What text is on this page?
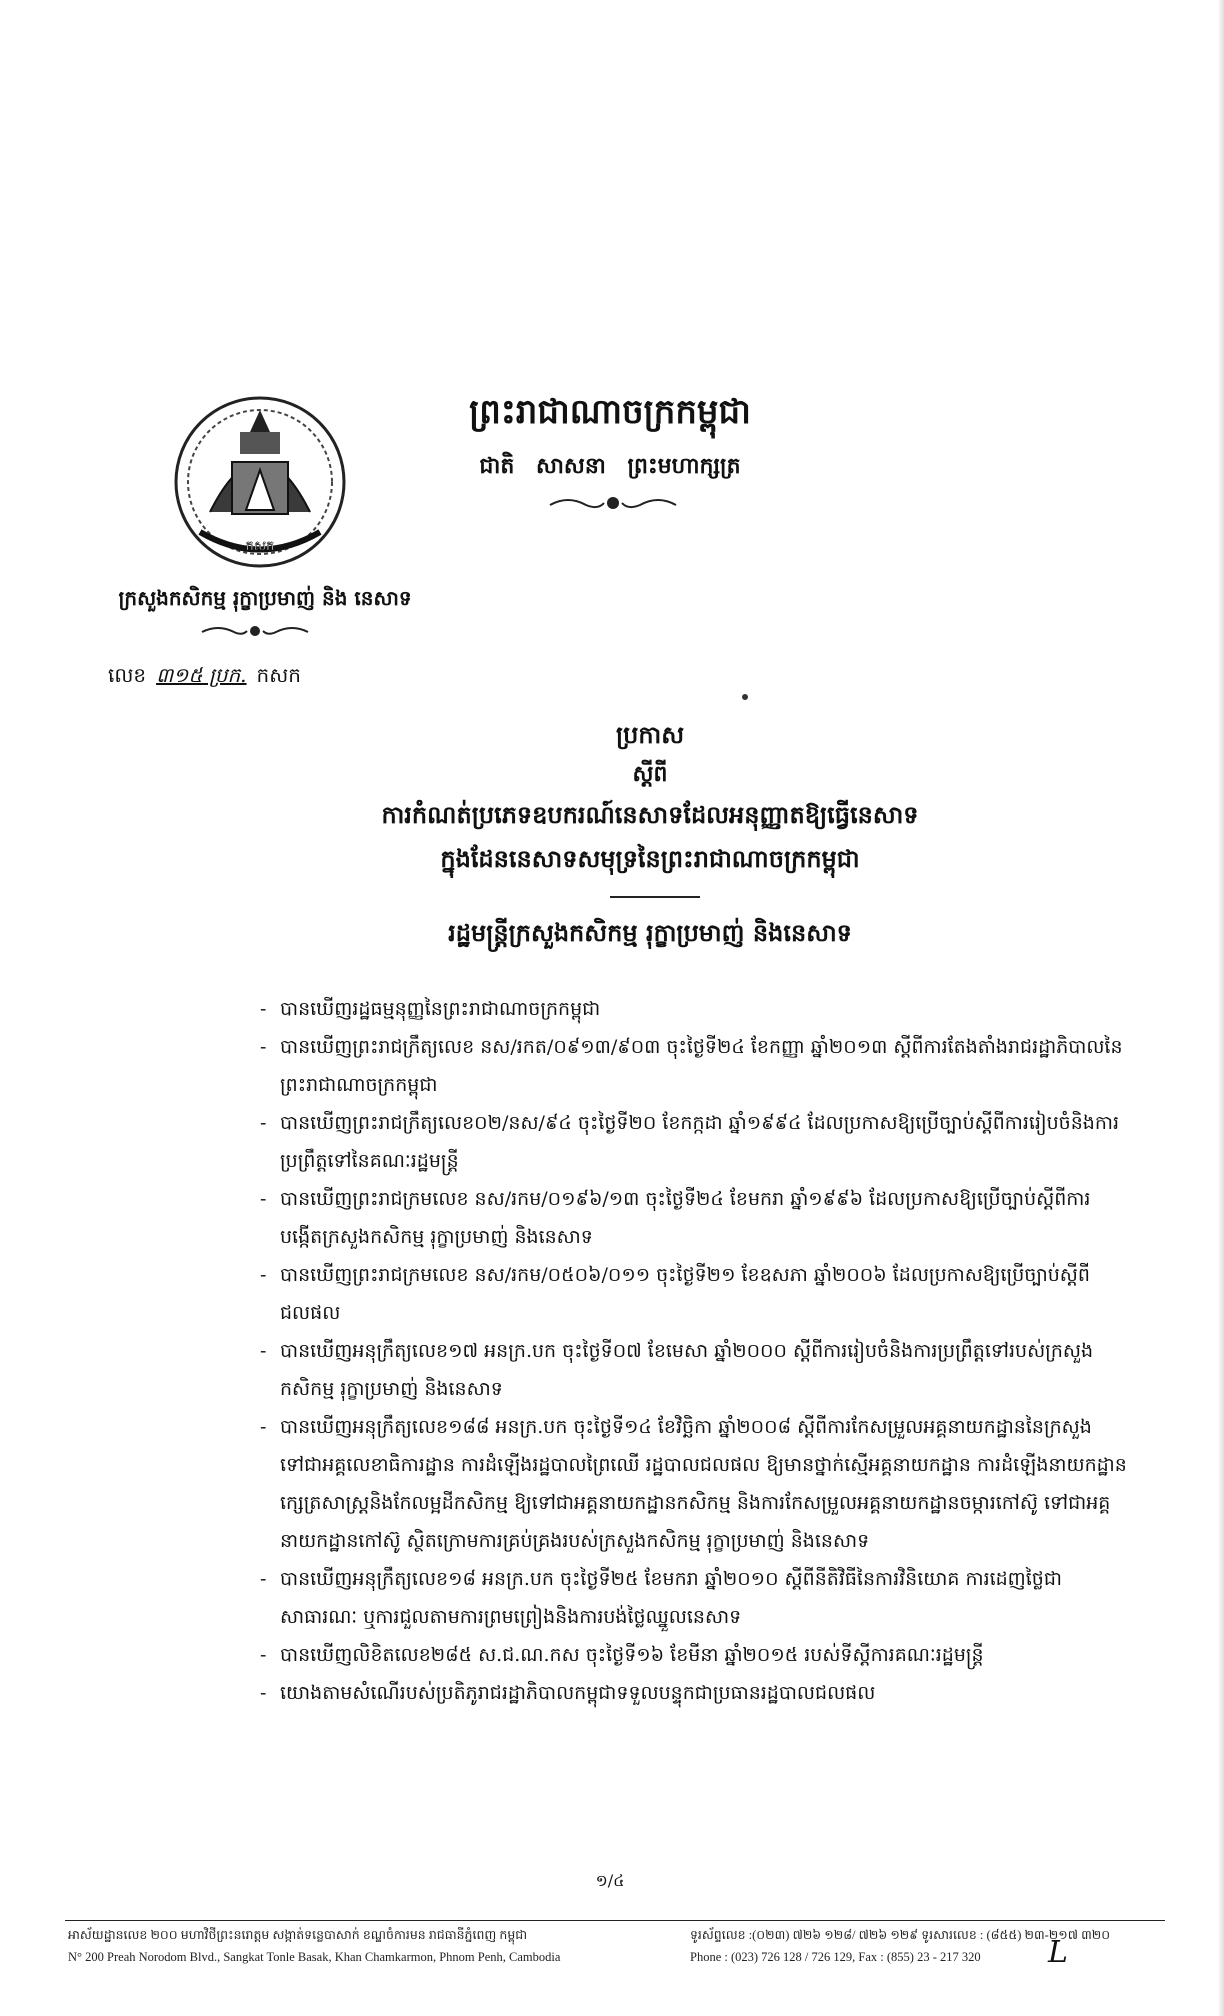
កសក
ព្រះរាជាណាចក្រកម្ពុជា
ជាតិ សាសនា ព្រះមហាក្សត្រ
ក្រសួងកសិកម្ម រុក្ខាប្រមាញ់ និង នេសាទ
លេខ ៣១៥ ប្រក. កសក
ប្រកាស
ស្តីពី
ការកំណត់ប្រភេទឧបករណ៍នេសាទដែលអនុញ្ញាតឱ្យធ្វើនេសាទ
ក្នុងដែននេសាទសមុទ្រនៃព្រះរាជាណាចក្រកម្ពុជា
រដ្ឋមន្ត្រីក្រសួងកសិកម្ម រុក្ខាប្រមាញ់ និងនេសាទ
- បានឃើញរដ្ឋធម្មនុញ្ញនៃព្រះរាជាណាចក្រកម្ពុជា
- បានឃើញព្រះរាជក្រឹត្យលេខ នស/រកត/០៩១៣/៩០៣ ចុះថ្ងៃទី២៤ ខែកញ្ញា ឆ្នាំ២០១៣ ស្តីពីការតែងតាំងរាជរដ្ឋាភិបាលនៃព្រះរាជាណាចក្រកម្ពុជា
- បានឃើញព្រះរាជក្រឹត្យលេខ០២/នស/៩៤ ចុះថ្ងៃទី២០ ខែកក្កដា ឆ្នាំ១៩៩៤ ដែលប្រកាសឱ្យប្រើច្បាប់ស្តីពីការរៀបចំនិងការប្រព្រឹត្តទៅនៃគណៈរដ្ឋមន្ត្រី
- បានឃើញព្រះរាជក្រមលេខ នស/រកម/០១៩៦/១៣ ចុះថ្ងៃទី២៤ ខែមករា ឆ្នាំ១៩៩៦ ដែលប្រកាសឱ្យប្រើច្បាប់ស្តីពីការបង្កើតក្រសួងកសិកម្ម រុក្ខាប្រមាញ់ និងនេសាទ
- បានឃើញព្រះរាជក្រមលេខ នស/រកម/០៥០៦/០១១ ចុះថ្ងៃទី២១ ខែឧសភា ឆ្នាំ២០០៦ ដែលប្រកាសឱ្យប្រើច្បាប់ស្តីពីជលផល
- បានឃើញអនុក្រឹត្យលេខ១៧ អនក្រ.បក ចុះថ្ងៃទី០៧ ខែមេសា ឆ្នាំ២០០០ ស្តីពីការរៀបចំនិងការប្រព្រឹត្តទៅរបស់ក្រសួងកសិកម្ម រុក្ខាប្រមាញ់ និងនេសាទ
- បានឃើញអនុក្រឹត្យលេខ១៨៨ អនក្រ.បក ចុះថ្ងៃទី១៤ ខែវិច្ឆិកា ឆ្នាំ២០០៨ ស្តីពីការកែសម្រួលអគ្គនាយកដ្ឋាននៃក្រសួងទៅជាអគ្គលេខាធិការដ្ឋាន ការដំឡើងរដ្ឋបាលព្រៃឈើ រដ្ឋបាលជលផល ឱ្យមានថ្នាក់ស្មើអគ្គនាយកដ្ឋាន ការដំឡើងនាយកដ្ឋានក្សេត្រសាស្ត្រនិងកែលម្អដីកសិកម្ម ឱ្យទៅជាអគ្គនាយកដ្ឋានកសិកម្ម និងការកែសម្រួលអគ្គនាយកដ្ឋានចម្ការកៅស៊ូ ទៅជាអគ្គនាយកដ្ឋានកៅស៊ូ ស្ថិតក្រោមការគ្រប់គ្រងរបស់ក្រសួងកសិកម្ម រុក្ខាប្រមាញ់ និងនេសាទ
- បានឃើញអនុក្រឹត្យលេខ១៨ អនក្រ.បក ចុះថ្ងៃទី២៥ ខែមករា ឆ្នាំ២០១០ ស្តីពីនីតិវិធីនៃការវិនិយោគ ការដេញថ្លៃជាសាធារណៈ ឬការជួលតាមការព្រមព្រៀងនិងការបង់ថ្លៃឈ្នួលនេសាទ
- បានឃើញលិខិតលេខ២៨៥ ស.ជ.ណ.កស ចុះថ្ងៃទី១៦ ខែមីនា ឆ្នាំ២០១៥ របស់ទីស្តីការគណៈរដ្ឋមន្ត្រី
- យោងតាមសំណើរបស់ប្រតិភូរាជរដ្ឋាភិបាលកម្ពុជាទទួលបន្ទុកជាប្រធានរដ្ឋបាលជលផល
១/៤
អាស័យដ្ឋានលេខ ២០០ មហាវិថីព្រះនរោត្តម សង្កាត់ទន្លេបាសាក់ ខណ្ឌចំការមន រាជធានីភ្នំពេញ កម្ពុជា
N° 200 Preah Norodom Blvd., Sangkat Tonle Basak, Khan Chamkarmon, Phnom Penh, Cambodia
ទូរស័ព្ទលេខ :(០២៣) ៧២៦ ១២៨/ ៧២៦ ១២៩ ទូរសារលេខ : (៨៥៥) ២៣-២១៧ ៣២០
Phone : (023) 726 128 / 726 129, Fax : (855) 23 - 217 320 L
